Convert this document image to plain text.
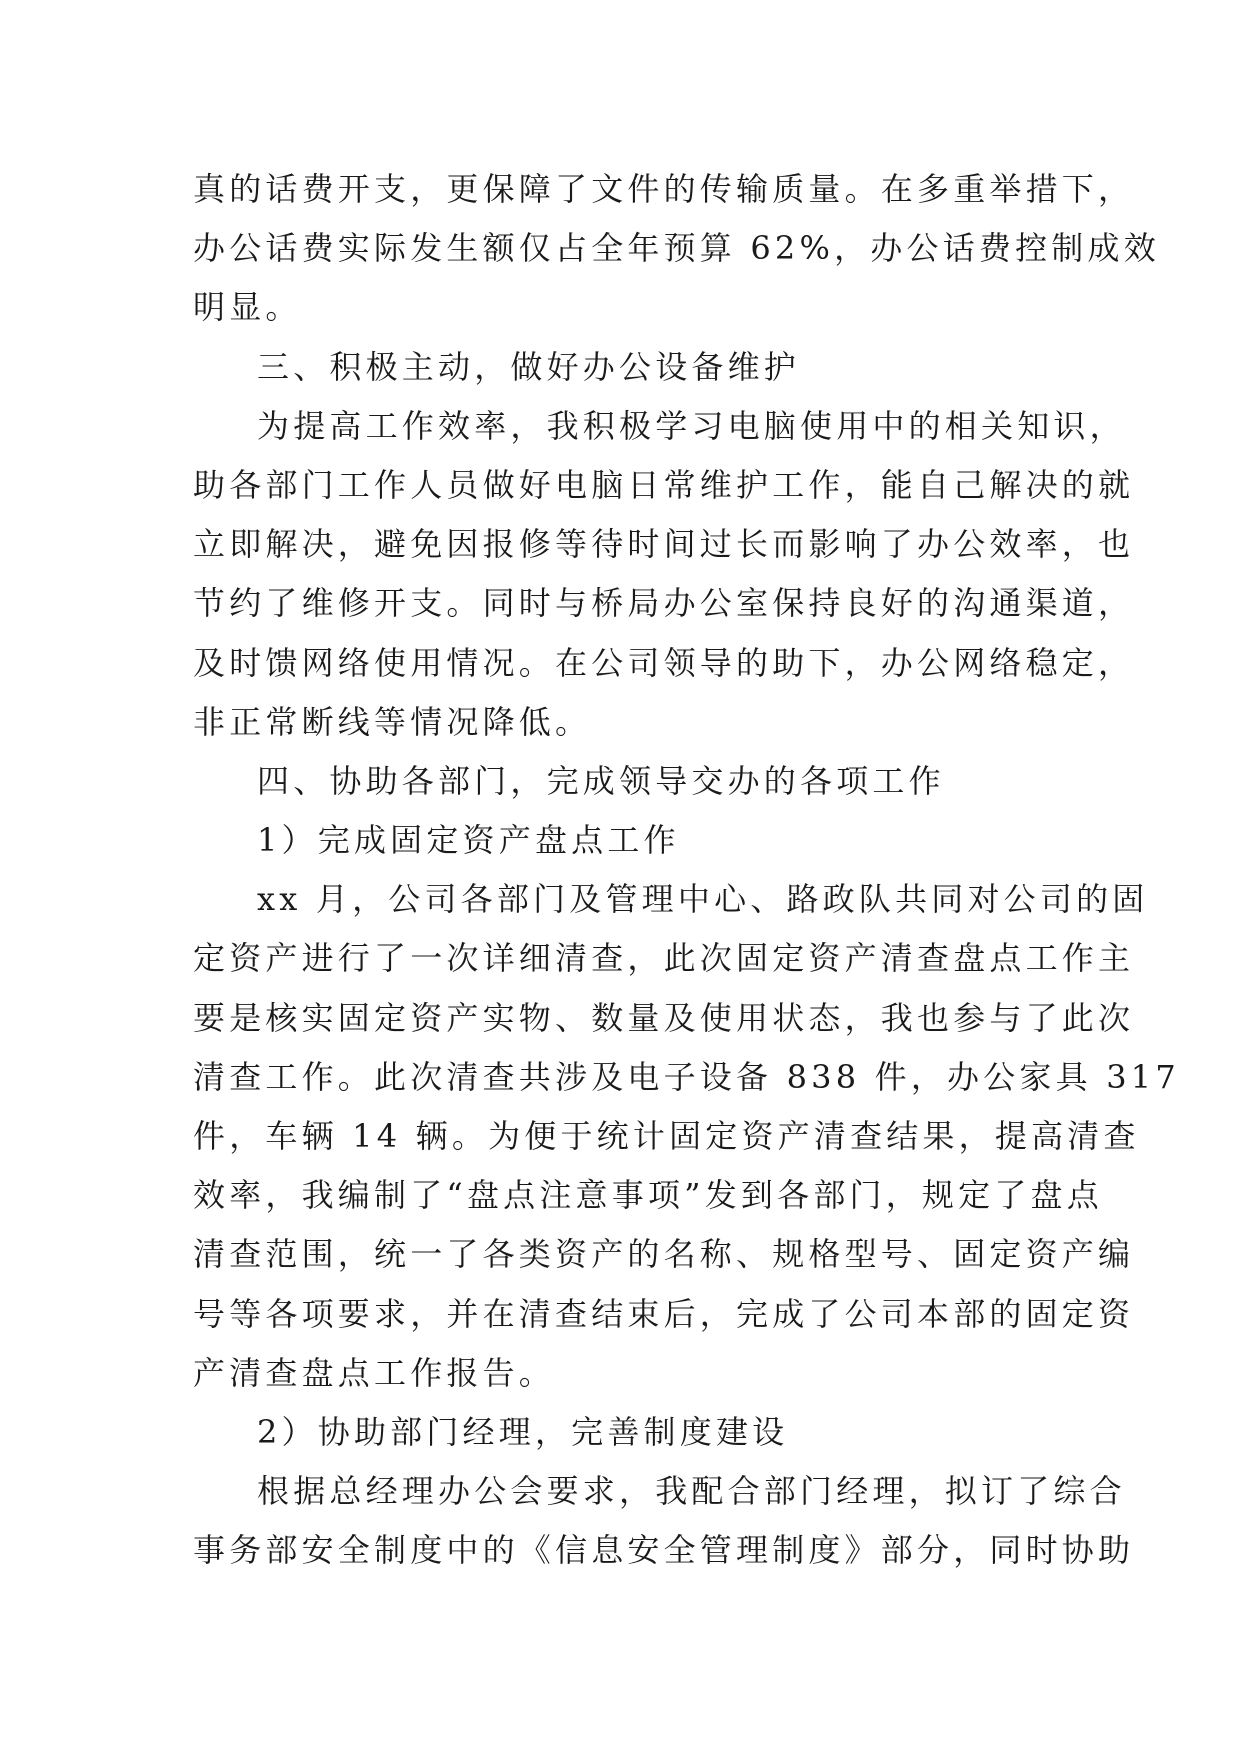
真的话费开支，更保障了文件的传输质量。在多重举措下，
办公话费实际发生额仅占全年预算 62%，办公话费控制成效
明显。
三、积极主动，做好办公设备维护
为提高工作效率，我积极学习电脑使用中的相关知识，
助各部门工作人员做好电脑日常维护工作，能自己解决的就
立即解决，避免因报修等待时间过长而影响了办公效率，也
节约了维修开支。同时与桥局办公室保持良好的沟通渠道，
及时馈网络使用情况。在公司领导的助下，办公网络稳定，
非正常断线等情况降低。
四、协助各部门，完成领导交办的各项工作
1）完成固定资产盘点工作
xx 月，公司各部门及管理中心、路政队共同对公司的固
定资产进行了一次详细清查，此次固定资产清查盘点工作主
要是核实固定资产实物、数量及使用状态，我也参与了此次
清查工作。此次清查共涉及电子设备 838 件，办公家具 317
件，车辆 14 辆。为便于统计固定资产清查结果，提高清查
效率，我编制了“盘点注意事项”发到各部门，规定了盘点
清查范围，统一了各类资产的名称、规格型号、固定资产编
号等各项要求，并在清查结束后，完成了公司本部的固定资
产清查盘点工作报告。
2）协助部门经理，完善制度建设
根据总经理办公会要求，我配合部门经理，拟订了综合
事务部安全制度中的《信息安全管理制度》部分，同时协助
